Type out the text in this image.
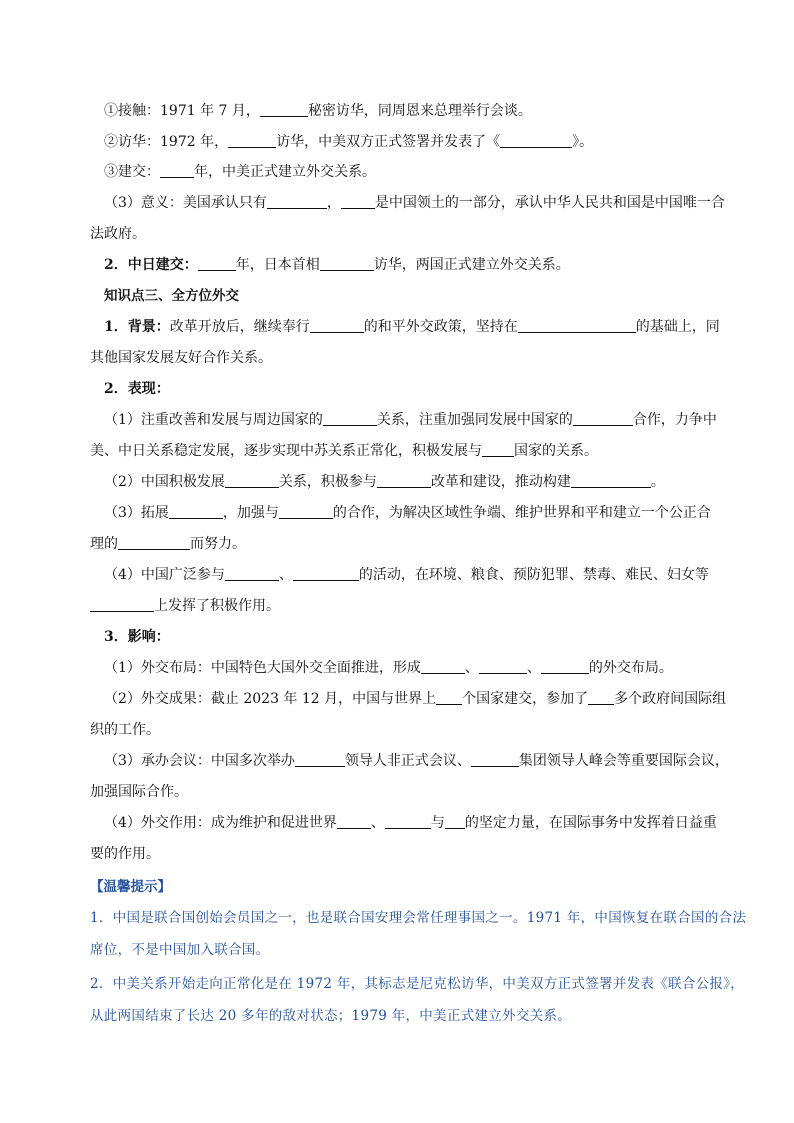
①接触：1971 年 7 月，	秘密访华，同周恩来总理举行会谈。
②访华：1972 年，	访华，中美双方正式签署并发表了《	》。
③建交： 年，中美正式建立外交关系。
（3）意义：美国承认只有	， 是中国领土的一部分，承认中华人民共和国是中国唯一合
法政府。
2．中日建交：	年，日本首相	访华，两国正式建立外交关系。
知识点三、全方位外交
1．背景：改革开放后，继续奉行	的和平外交政策，坚持在	的基础上，同
其他国家发展友好合作关系。
2．表现：
（1）注重改善和发展与周边国家的	关系，注重加强同发展中国家的	合作，力争中
美、中日关系稳定发展，逐步实现中苏关系正常化，积极发展与 国家的关系。
（2）中国积极发展	关系，积极参与	改革和建设，推动构建	。
（3）拓展	，加强与	的合作，为解决区域性争端、维护世界和平和建立一个公正合
理的	而努力。
（4）中国广泛参与	、	的活动，在环境、粮食、预防犯罪、禁毒、难民、妇女等
上发挥了积极作用。
3．影响：
（1）外交布局：中国特色大国外交全面推进，形成	、	、	的外交布局。
（2）外交成果：截止 2023 年 12 月，中国与世界上 个国家建交，参加了 多个政府间国际组
织的工作。
（3）承办会议：中国多次举办	领导人非正式会议、	集团领导人峰会等重要国际会议，
加强国际合作。
（4）外交作用：成为维护和促进世界 、	与 的坚定力量，在国际事务中发挥着日益重
要的作用。
【温馨提示】
1．中国是联合国创始会员国之一，也是联合国安理会常任理事国之一。1971 年，中国恢复在联合国的合法
席位，不是中国加入联合国。
2．中美关系开始走向正常化是在 1972 年，其标志是尼克松访华，中美双方正式签署并发表《联合公报》，
从此两国结束了长达 20 多年的敌对状态；1979 年，中美正式建立外交关系。
